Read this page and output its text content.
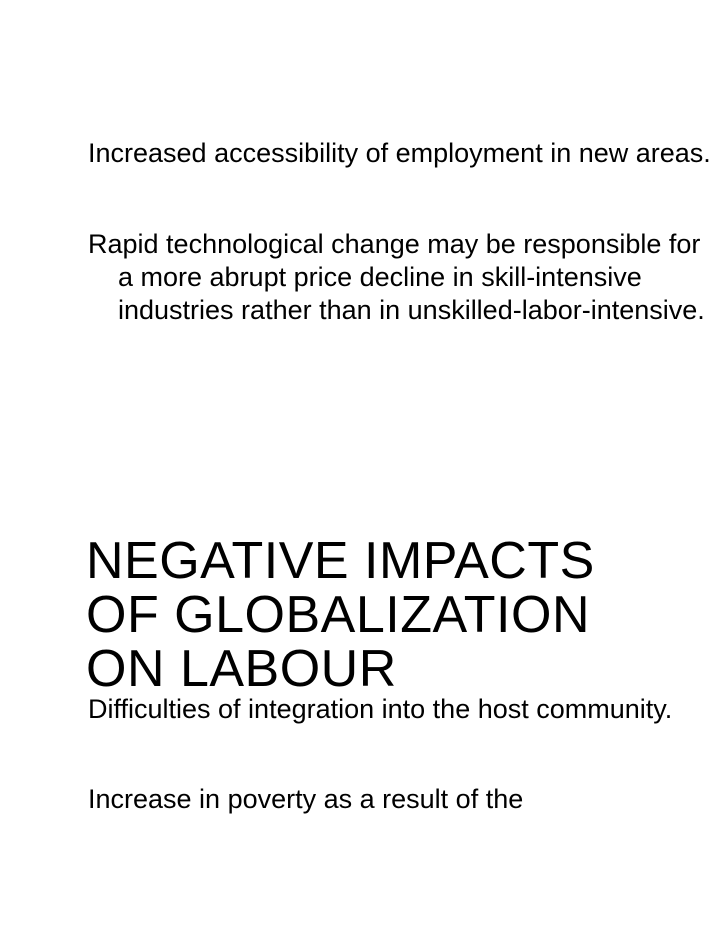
Increased accessibility of employment in new areas.

Rapid technological change may be responsible for a more abrupt price decline in skill-intensive industries rather than in unskilled-labor-intensive.

NEGATIVE IMPACTS
OF GLOBALIZATION
ON LABOUR

Difficulties of integration into the host community.

Increase in poverty as a result of the
